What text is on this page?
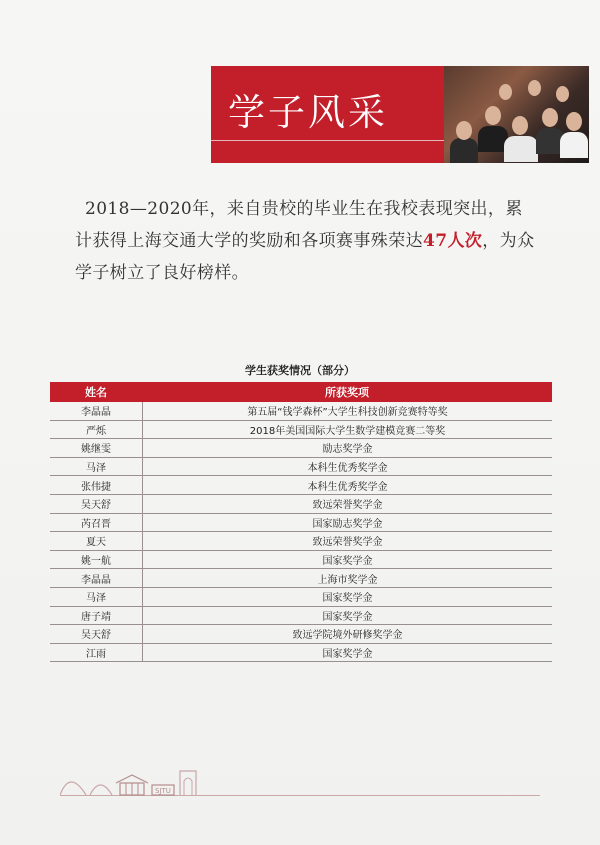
学子风采
2018—2020年，来自贵校的毕业生在我校表现突出，累计获得上海交通大学的奖励和各项赛事殊荣达47人次，为众学子树立了良好榜样。
学生获奖情况（部分）
姓名	所获奖项
李晶晶	第五届“钱学森杯”大学生科技创新竞赛特等奖
严烁	2018年美国国际大学生数学建模竞赛二等奖
姚继雯	励志奖学金
马泽	本科生优秀奖学金
张伟捷	本科生优秀奖学金
吴天舒	致远荣誉奖学金
芮召晋	国家励志奖学金
夏天	致远荣誉奖学金
姚一航	国家奖学金
李晶晶	上海市奖学金
马泽	国家奖学金
唐子靖	国家奖学金
吴天舒	致远学院境外研修奖学金
江雨	国家奖学金
SJTU
